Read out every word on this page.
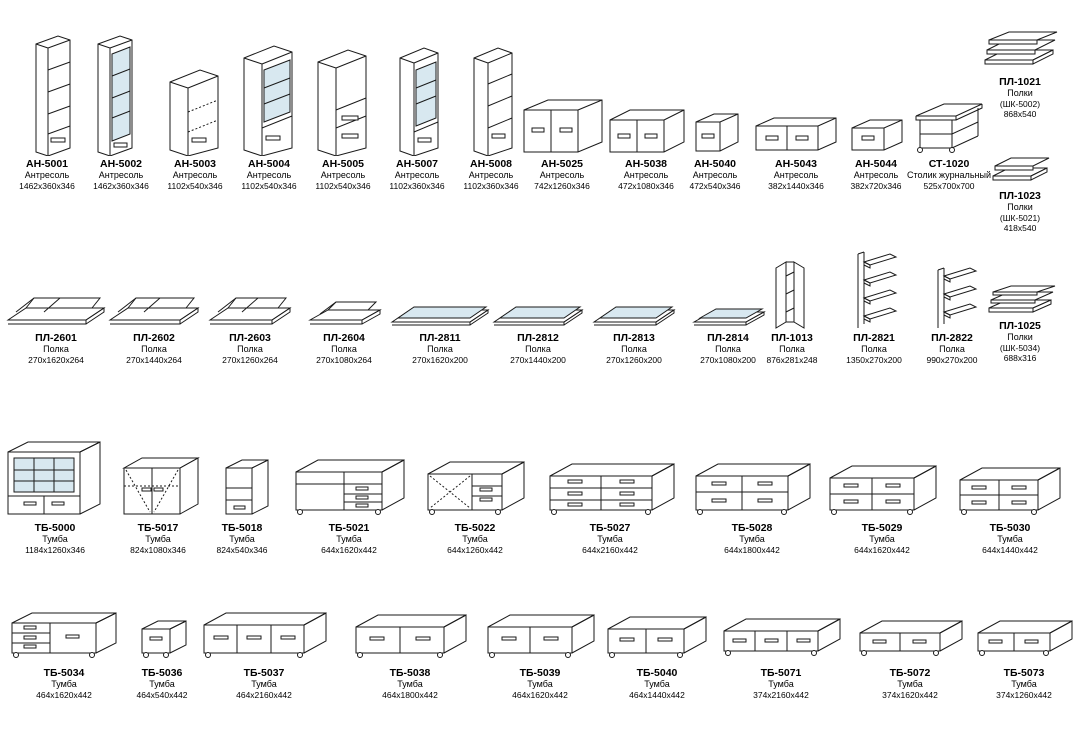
АН-5001
Антресоль
1462x360x346
АН-5002
Антресоль
1462x360x346
АН-5003
Антресоль
1102x540x346
АН-5004
Антресоль
1102x540x346
АН-5005
Антресоль
1102x540x346
АН-5007
Антресоль
1102x360x346
АН-5008
Антресоль
1102x360x346
АН-5025
Антресоль
742x1260x346
АН-5038
Антресоль
472x1080x346
АН-5040
Антресоль
472x540x346
АН-5043
Антресоль
382x1440x346
АН-5044
Антресоль
382x720x346
СТ-1020
Столик журнальный
525x700x700
ПЛ-1021
Полки
(ШК-5002)
868x540
ПЛ-1023
Полки
(ШК-5021)
418x540
ПЛ-1025
Полки
(ШК-5034)
688x316
ПЛ-2601
Полка
270x1620x264
ПЛ-2602
Полка
270x1440x264
ПЛ-2603
Полка
270x1260x264
ПЛ-2604
Полка
270x1080x264
ПЛ-2811
Полка
270x1620x200
ПЛ-2812
Полка
270x1440x200
ПЛ-2813
Полка
270x1260x200
ПЛ-2814
Полка
270x1080x200
ПЛ-1013
Полка
876x281x248
ПЛ-2821
Полка
1350x270x200
ПЛ-2822
Полка
990x270x200
ТБ-5000
Тумба
1184x1260x346
ТБ-5017
Тумба
824x1080x346
ТБ-5018
Тумба
824x540x346
ТБ-5021
Тумба
644x1620x442
ТБ-5022
Тумба
644x1260x442
ТБ-5027
Тумба
644x2160x442
ТБ-5028
Тумба
644x1800x442
ТБ-5029
Тумба
644x1620x442
ТБ-5030
Тумба
644x1440x442
ТБ-5034
Тумба
464x1620x442
ТБ-5036
Тумба
464x540x442
ТБ-5037
Тумба
464x2160x442
ТБ-5038
Тумба
464x1800x442
ТБ-5039
Тумба
464x1620x442
ТБ-5040
Тумба
464x1440x442
ТБ-5071
Тумба
374x2160x442
ТБ-5072
Тумба
374x1620x442
ТБ-5073
Тумба
374x1260x442
